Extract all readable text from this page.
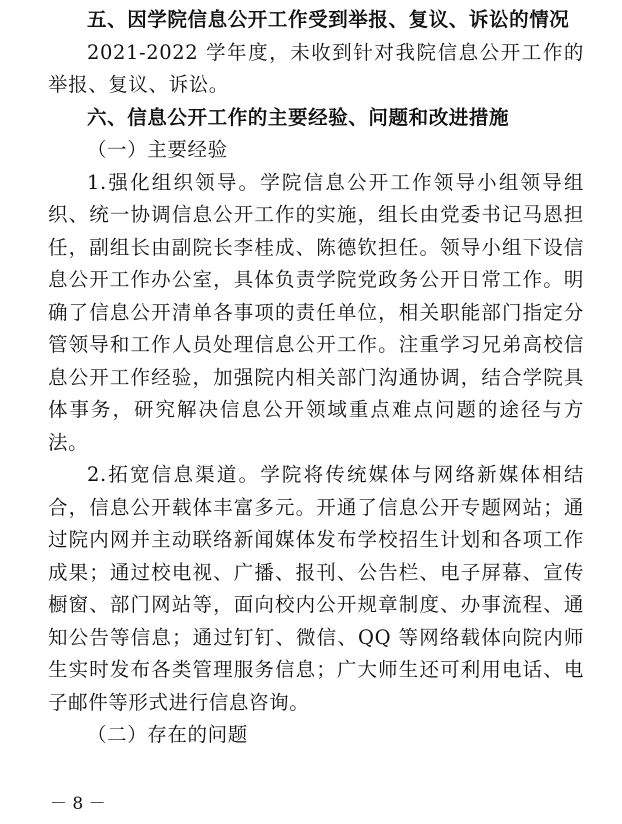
五、因学院信息公开工作受到举报、复议、诉讼的情况

2021-2022 学年度，未收到针对我院信息公开工作的举报、复议、诉讼。

六、信息公开工作的主要经验、问题和改进措施

（一）主要经验

1.强化组织领导。学院信息公开工作领导小组领导组织、统一协调信息公开工作的实施，组长由党委书记马恩担任，副组长由副院长李桂成、陈德钦担任。领导小组下设信息公开工作办公室，具体负责学院党政务公开日常工作。明确了信息公开清单各事项的责任单位，相关职能部门指定分管领导和工作人员处理信息公开工作。注重学习兄弟高校信息公开工作经验，加强院内相关部门沟通协调，结合学院具体事务，研究解决信息公开领域重点难点问题的途径与方法。

2.拓宽信息渠道。学院将传统媒体与网络新媒体相结合，信息公开载体丰富多元。开通了信息公开专题网站；通过院内网并主动联络新闻媒体发布学校招生计划和各项工作成果；通过校电视、广播、报刊、公告栏、电子屏幕、宣传橱窗、部门网站等，面向校内公开规章制度、办事流程、通知公告等信息；通过钉钉、微信、QQ 等网络载体向院内师生实时发布各类管理服务信息；广大师生还可利用电话、电子邮件等形式进行信息咨询。

（二）存在的问题

－ 8 －
